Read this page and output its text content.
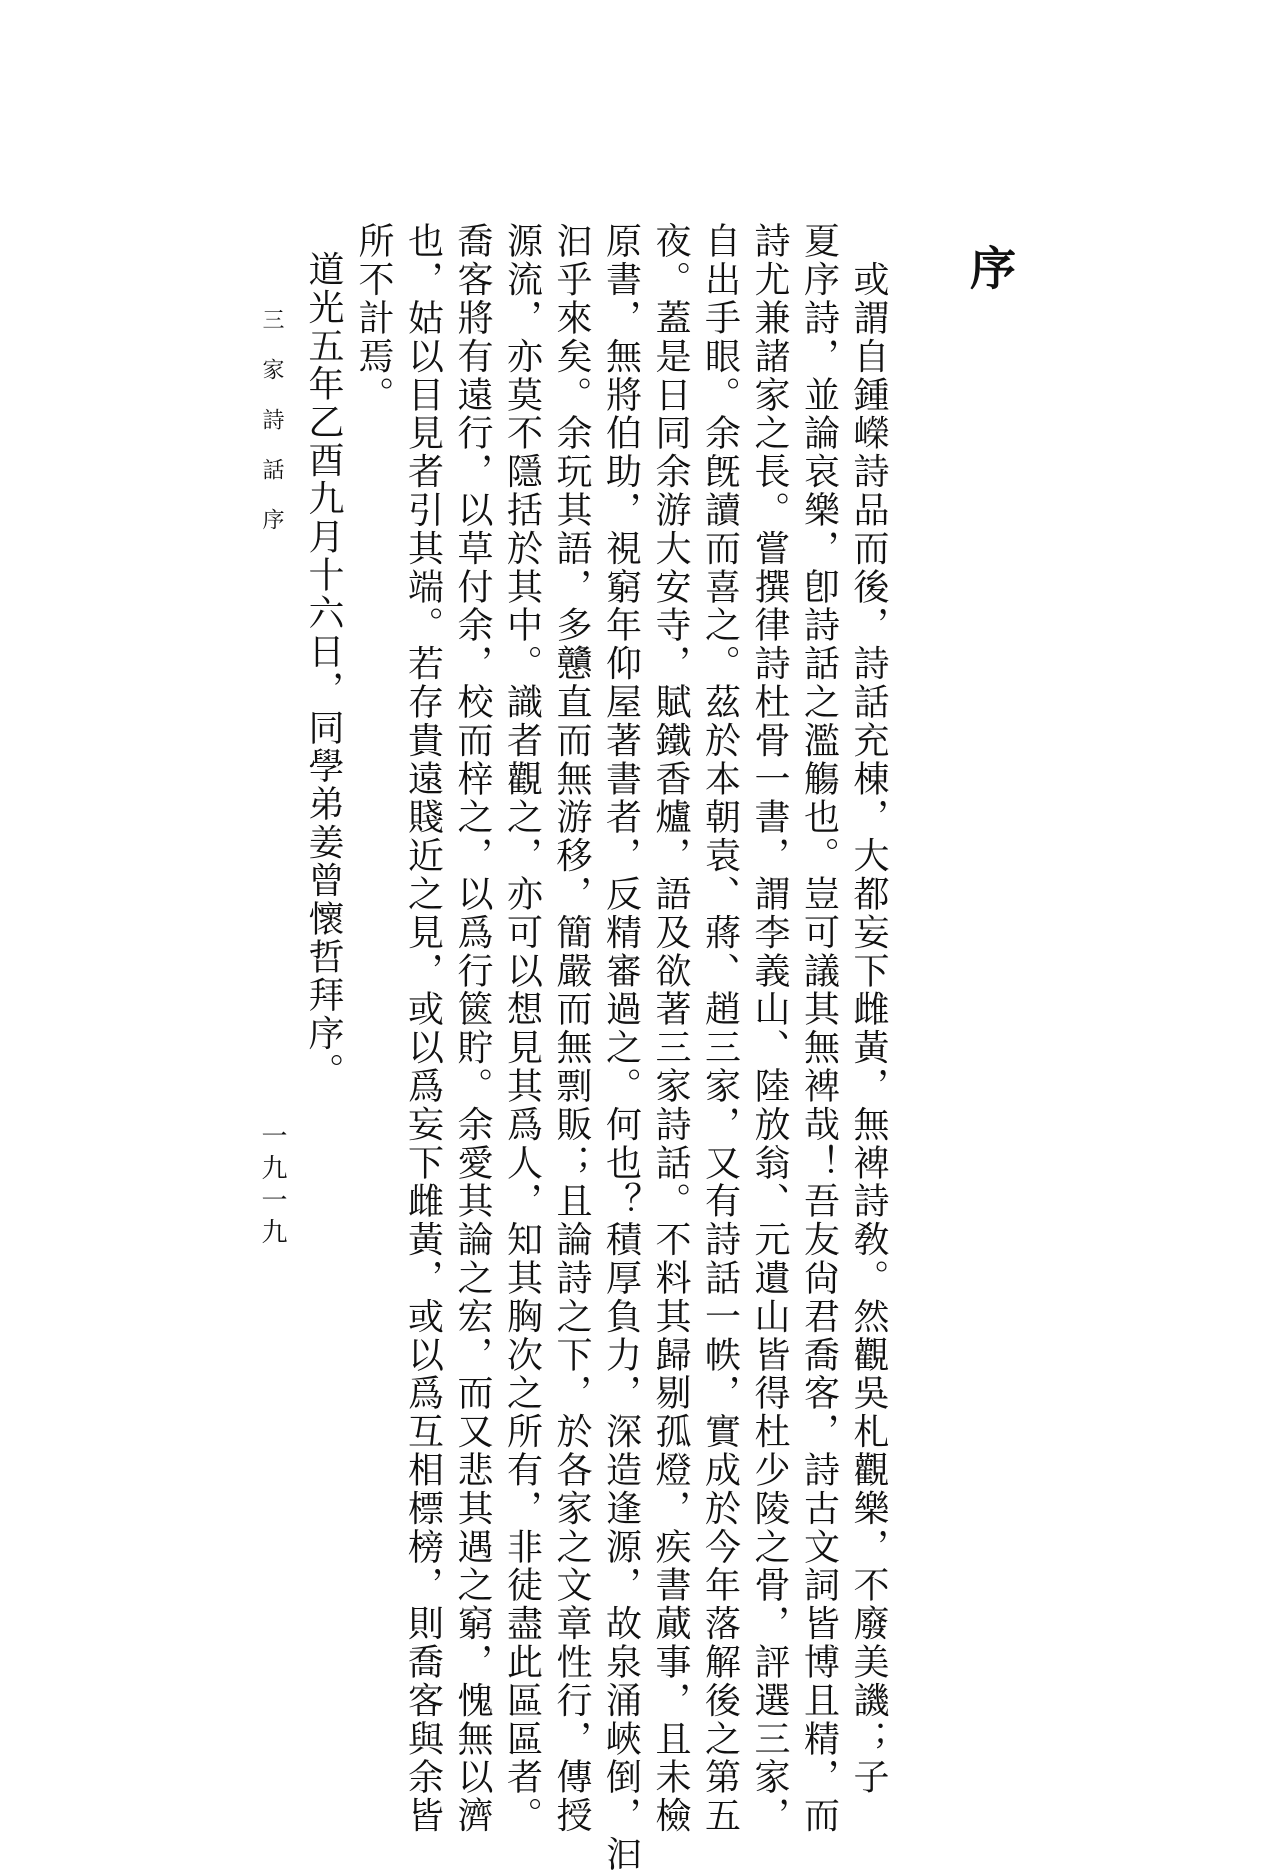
序
　或謂自鍾嶸詩品而後，詩話充棟，大都妄下雌黃，無裨詩敎。然觀吳札觀樂，不廢美譏；子
夏序詩，並論哀樂，卽詩話之濫觴也。豈可議其無裨哉！吾友尙君喬客，詩古文詞皆博且精，而
詩尤兼諸家之長。嘗撰律詩杜骨一書，謂李義山、陸放翁、元遺山皆得杜少陵之骨，評選三家，
自出手眼。余旣讀而喜之。茲於本朝袁、蔣、趙三家，又有詩話一帙，實成於今年落解後之第五
夜。蓋是日同余游大安寺，賦鐵香爐，語及欲著三家詩話。不料其歸剔孤燈，疾書蕆事，且未檢
原書，無將伯助，視窮年仰屋著書者，反精審過之。何也？積厚負力，深造逢源，故泉涌峽倒，汩
汩乎來矣。余玩其語，多戇直而無游移，簡嚴而無剽販；且論詩之下，於各家之文章性行，傳授
源流，亦莫不隱括於其中。識者觀之，亦可以想見其爲人，知其胸次之所有，非徒盡此區區者。
喬客將有遠行，以草付余，校而梓之，以爲行篋貯。余愛其論之宏，而又悲其遇之窮，愧無以濟
也，姑以目見者引其端。若存貴遠賤近之見，或以爲妄下雌黃，或以爲互相標榜，則喬客與余皆
所不計焉。
　道光五年乙酉九月十六日，同學弟姜曾懷哲拜序。
三家詩話序
一九一九
